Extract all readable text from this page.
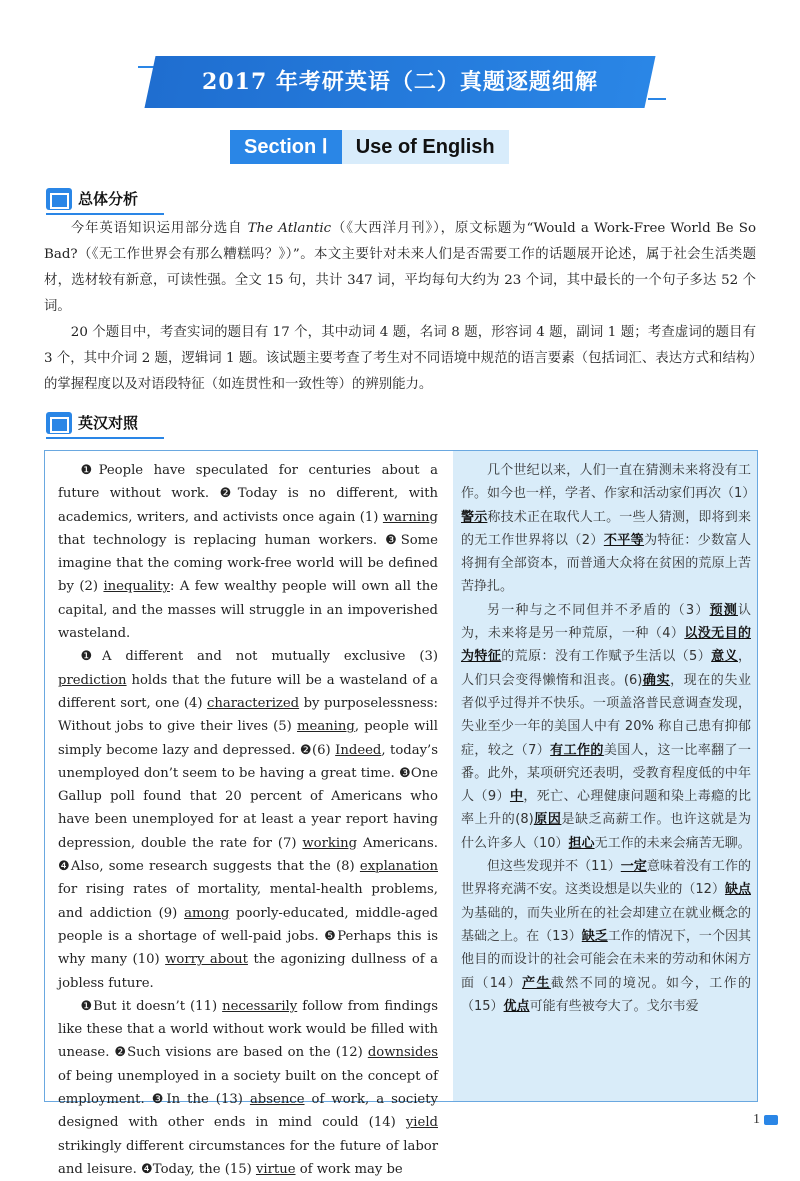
2017 年考研英语（二）真题逐题细解
Section Ⅰ	Use of English
总体分析

今年英语知识运用部分选自 The Atlantic（《大西洋月刊》），原文标题为“Would a Work-Free World Be So Bad?（《无工作世界会有那么糟糕吗？》）”。本文主要针对未来人们是否需要工作的话题展开论述，属于社会生活类题材，选材较有新意，可读性强。全文 15 句，共计 347 词，平均每句大约为 23 个词，其中最长的一个句子多达 52 个词。

20 个题目中，考查实词的题目有 17 个，其中动词 4 题，名词 8 题，形容词 4 题，副词 1 题；考查虚词的题目有 3 个，其中介词 2 题，逻辑词 1 题。该试题主要考查了考生对不同语境中规范的语言要素（包括词汇、表达方式和结构）的掌握程度以及对语段特征（如连贯性和一致性等）的辨别能力。

英汉对照

❶People have speculated for centuries about a future without work. ❷Today is no different, with academics, writers, and activists once again (1) warning that technology is replacing human workers. ❸Some imagine that the coming work-free world will be defined by (2) inequality: A few wealthy people will own all the capital, and the masses will struggle in an impoverished wasteland.

❶A different and not mutually exclusive (3) prediction holds that the future will be a wasteland of a different sort, one (4) characterized by purposelessness: Without jobs to give their lives (5) meaning, people will simply become lazy and depressed. ❷(6) Indeed, today’s unemployed don’t seem to be having a great time. ❸One Gallup poll found that 20 percent of Americans who have been unemployed for at least a year report having depression, double the rate for (7) working Americans. ❹Also, some research suggests that the (8) explanation for rising rates of mortality, mental-health problems, and addiction (9) among poorly-educated, middle-aged people is a shortage of well-paid jobs. ❺Perhaps this is why many (10) worry about the agonizing dullness of a jobless future.

❶But it doesn’t (11) necessarily follow from findings like these that a world without work would be filled with unease. ❷Such visions are based on the (12) downsides of being unemployed in a society built on the concept of employment. ❸In the (13) absence of work, a society designed with other ends in mind could (14) yield strikingly different circumstances for the future of labor and leisure. ❹Today, the (15) virtue of work may be

几个世纪以来，人们一直在猜测未来将没有工作。如今也一样，学者、作家和活动家们再次（1）警示称技术正在取代人工。一些人猜测，即将到来的无工作世界将以（2）不平等为特征：少数富人将拥有全部资本，而普通大众将在贫困的荒原上苦苦挣扎。

另一种与之不同但并不矛盾的（3）预测认为，未来将是另一种荒原，一种（4）以没无目的为特征的荒原：没有工作赋予生活以（5）意义，人们只会变得懒惰和沮丧。(6)确实，现在的失业者似乎过得并不快乐。一项盖洛普民意调查发现，失业至少一年的美国人中有 20% 称自己患有抑郁症，较之（7）有工作的美国人，这一比率翻了一番。此外，某项研究还表明，受教育程度低的中年人（9）中，死亡、心理健康问题和染上毒瘾的比率上升的(8)原因是缺乏高薪工作。也许这就是为什么许多人（10）担心无工作的未来会痛苦无聊。

但这些发现并不（11）一定意味着没有工作的世界将充满不安。这类设想是以失业的（12）缺点为基础的，而失业所在的社会却建立在就业概念的基础之上。在（13）缺乏工作的情况下，一个因其他目的而设计的社会可能会在未来的劳动和休闲方面（14）产生截然不同的境况。如今，工作的（15）优点可能有些被夸大了。戈尔韦爱

1
